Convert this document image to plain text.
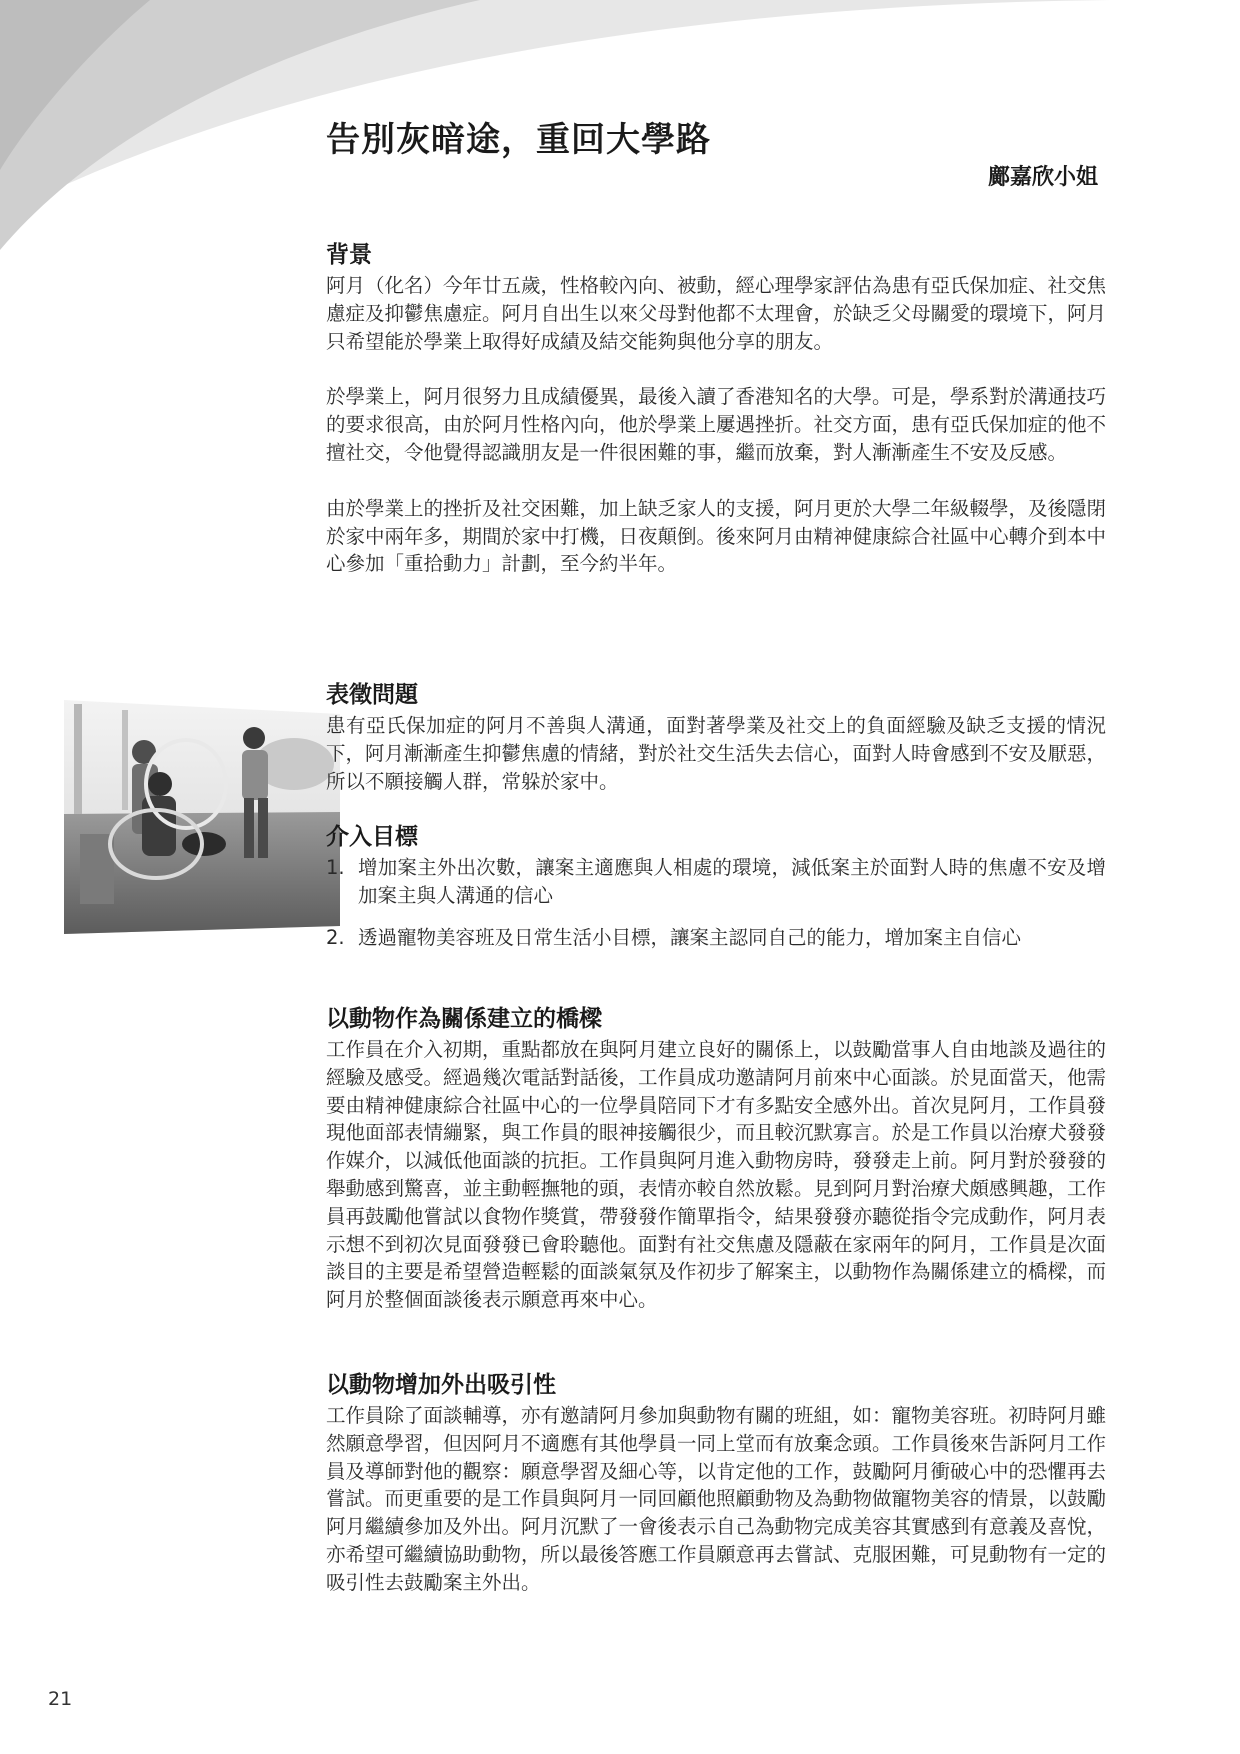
告別灰暗途，重回大學路

鄺嘉欣小姐

背景

阿月（化名）今年廿五歲，性格較內向、被動，經心理學家評估為患有亞氏保加症、社交焦慮症及抑鬱焦慮症。阿月自出生以來父母對他都不太理會，於缺乏父母關愛的環境下，阿月只希望能於學業上取得好成績及結交能夠與他分享的朋友。

於學業上，阿月很努力且成績優異，最後入讀了香港知名的大學。可是，學系對於溝通技巧的要求很高，由於阿月性格內向，他於學業上屢遇挫折。社交方面，患有亞氏保加症的他不擅社交，令他覺得認識朋友是一件很困難的事，繼而放棄，對人漸漸產生不安及反感。

由於學業上的挫折及社交困難，加上缺乏家人的支援，阿月更於大學二年級輟學，及後隱閉於家中兩年多，期間於家中打機，日夜顛倒。後來阿月由精神健康綜合社區中心轉介到本中心參加「重拾動力」計劃，至今約半年。

表徵問題

患有亞氏保加症的阿月不善與人溝通，面對著學業及社交上的負面經驗及缺乏支援的情況下，阿月漸漸產生抑鬱焦慮的情緒，對於社交生活失去信心，面對人時會感到不安及厭惡，所以不願接觸人群，常躲於家中。

介入目標
1. 增加案主外出次數，讓案主適應與人相處的環境，減低案主於面對人時的焦慮不安及增加案主與人溝通的信心
2. 透過寵物美容班及日常生活小目標，讓案主認同自己的能力，增加案主自信心
以動物作為關係建立的橋樑

工作員在介入初期，重點都放在與阿月建立良好的關係上，以鼓勵當事人自由地談及過往的經驗及感受。經過幾次電話對話後，工作員成功邀請阿月前來中心面談。於見面當天，他需要由精神健康綜合社區中心的一位學員陪同下才有多點安全感外出。首次見阿月，工作員發現他面部表情繃緊，與工作員的眼神接觸很少，而且較沉默寡言。於是工作員以治療犬發發作媒介，以減低他面談的抗拒。工作員與阿月進入動物房時，發發走上前。阿月對於發發的舉動感到驚喜，並主動輕撫牠的頭，表情亦較自然放鬆。見到阿月對治療犬頗感興趣，工作員再鼓勵他嘗試以食物作獎賞，帶發發作簡單指令，結果發發亦聽從指令完成動作，阿月表示想不到初次見面發發已會聆聽他。面對有社交焦慮及隱蔽在家兩年的阿月，工作員是次面談目的主要是希望營造輕鬆的面談氣氛及作初步了解案主，以動物作為關係建立的橋樑，而阿月於整個面談後表示願意再來中心。

以動物增加外出吸引性

工作員除了面談輔導，亦有邀請阿月參加與動物有關的班組，如：寵物美容班。初時阿月雖然願意學習，但因阿月不適應有其他學員一同上堂而有放棄念頭。工作員後來告訴阿月工作員及導師對他的觀察：願意學習及細心等，以肯定他的工作，鼓勵阿月衝破心中的恐懼再去嘗試。而更重要的是工作員與阿月一同回顧他照顧動物及為動物做寵物美容的情景，以鼓勵阿月繼續參加及外出。阿月沉默了一會後表示自己為動物完成美容其實感到有意義及喜悅，亦希望可繼續協助動物，所以最後答應工作員願意再去嘗試、克服困難，可見動物有一定的吸引性去鼓勵案主外出。

21
